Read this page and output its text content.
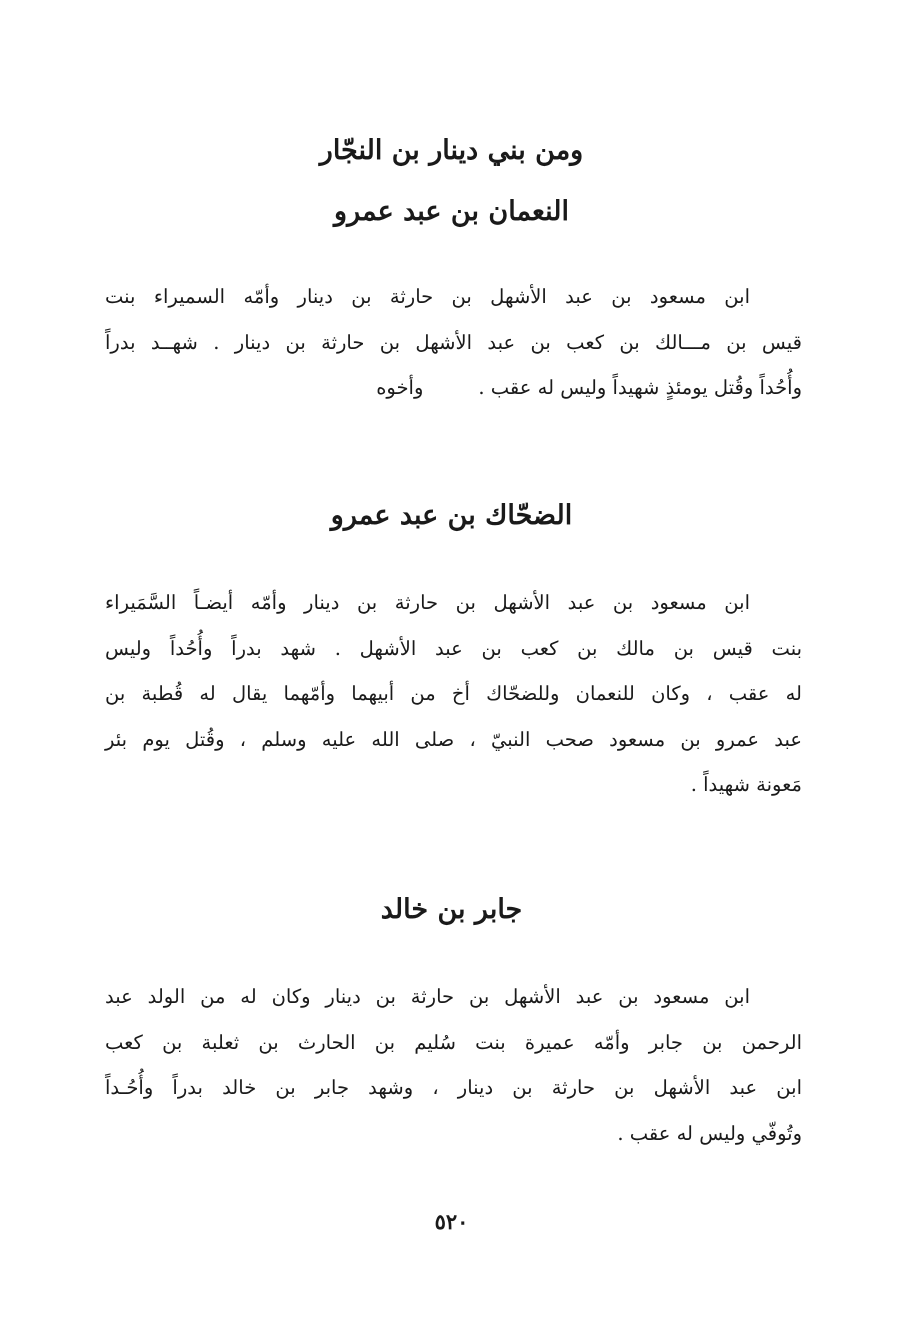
ومن بني دينار بن النجّار
النعمان بن عبد عمرو
ابن مسعود بن عبد الأشهل بن حارثة بن دينار وأمّه السميراء بنت
قيس بن مـــالك بن كعب بن عبد الأشهل بن حارثة بن دينار . شهــد بدراً
وأُحُداً وقُتل يومئذٍ شهيداً وليس له عقب .وأخوه
الضحّاك بن عبد عمرو
ابن مسعود بن عبد الأشهل بن حارثة بن دينار وأمّه أيضـاً السَّمَيراء
بنت قيس بن مالك بن كعب بن عبد الأشهل . شهد بدراً وأُحُداً وليس
له عقب ، وكان للنعمان وللضحّاك أخ من أبيهما وأمّهما يقال له قُطبة بن
عبد عمرو بن مسعود صحب النبيّ ، صلى الله عليه وسلم ، وقُتل يوم بئر
مَعونة شهيداً .
جابر بن خالد
ابن مسعود بن عبد الأشهل بن حارثة بن دينار وكان له من الولد عبد
الرحمن بن جابر وأمّه عميرة بنت سُليم بن الحارث بن ثعلبة بن كعب
ابن عبد الأشهل بن حارثة بن دينار ، وشهد جابر بن خالد بدراً وأُحُـداً
وتُوفّي وليس له عقب .
٥٢٠
